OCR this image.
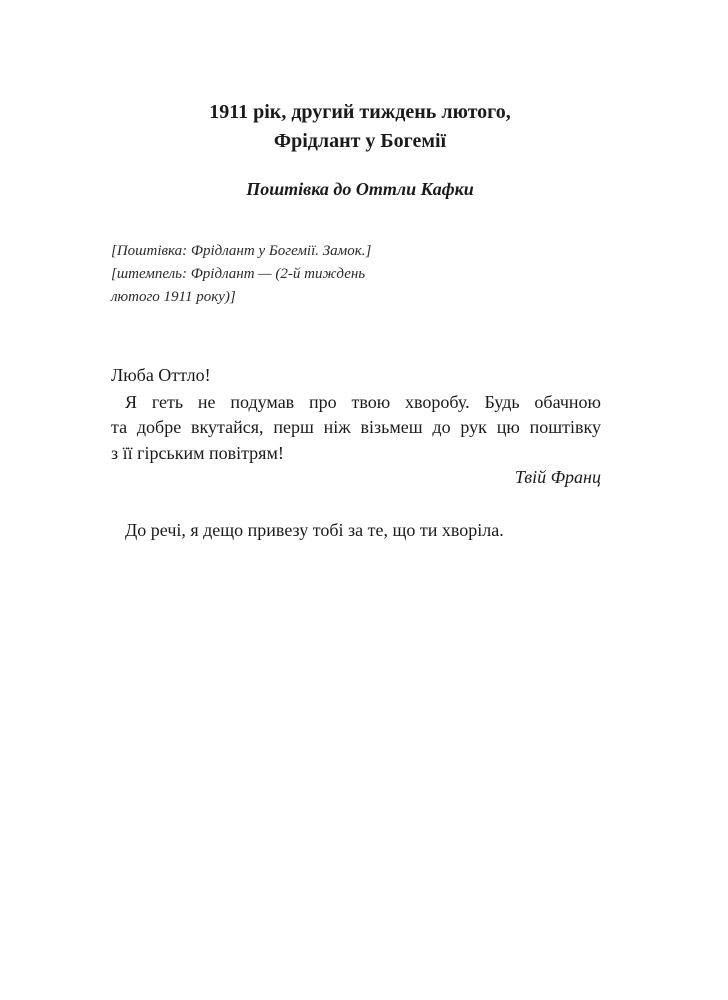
1911 рік, другий тиждень лютого,
Фрідлант у Богемії
Поштівка до Оттли Кафки
[Поштівка: Фрідлант у Богемії. Замок.]
[штемпель: Фрідлант — (2-й тиждень
лютого 1911 року)]
Люба Оттло!
Я геть не подумав про твою хворобу. Будь обачною
та добре вкутайся, перш ніж візьмеш до рук цю поштівку
з її гірським повітрям!
Твій Франц
До речі, я дещо привезу тобі за те, що ти хворіла.
